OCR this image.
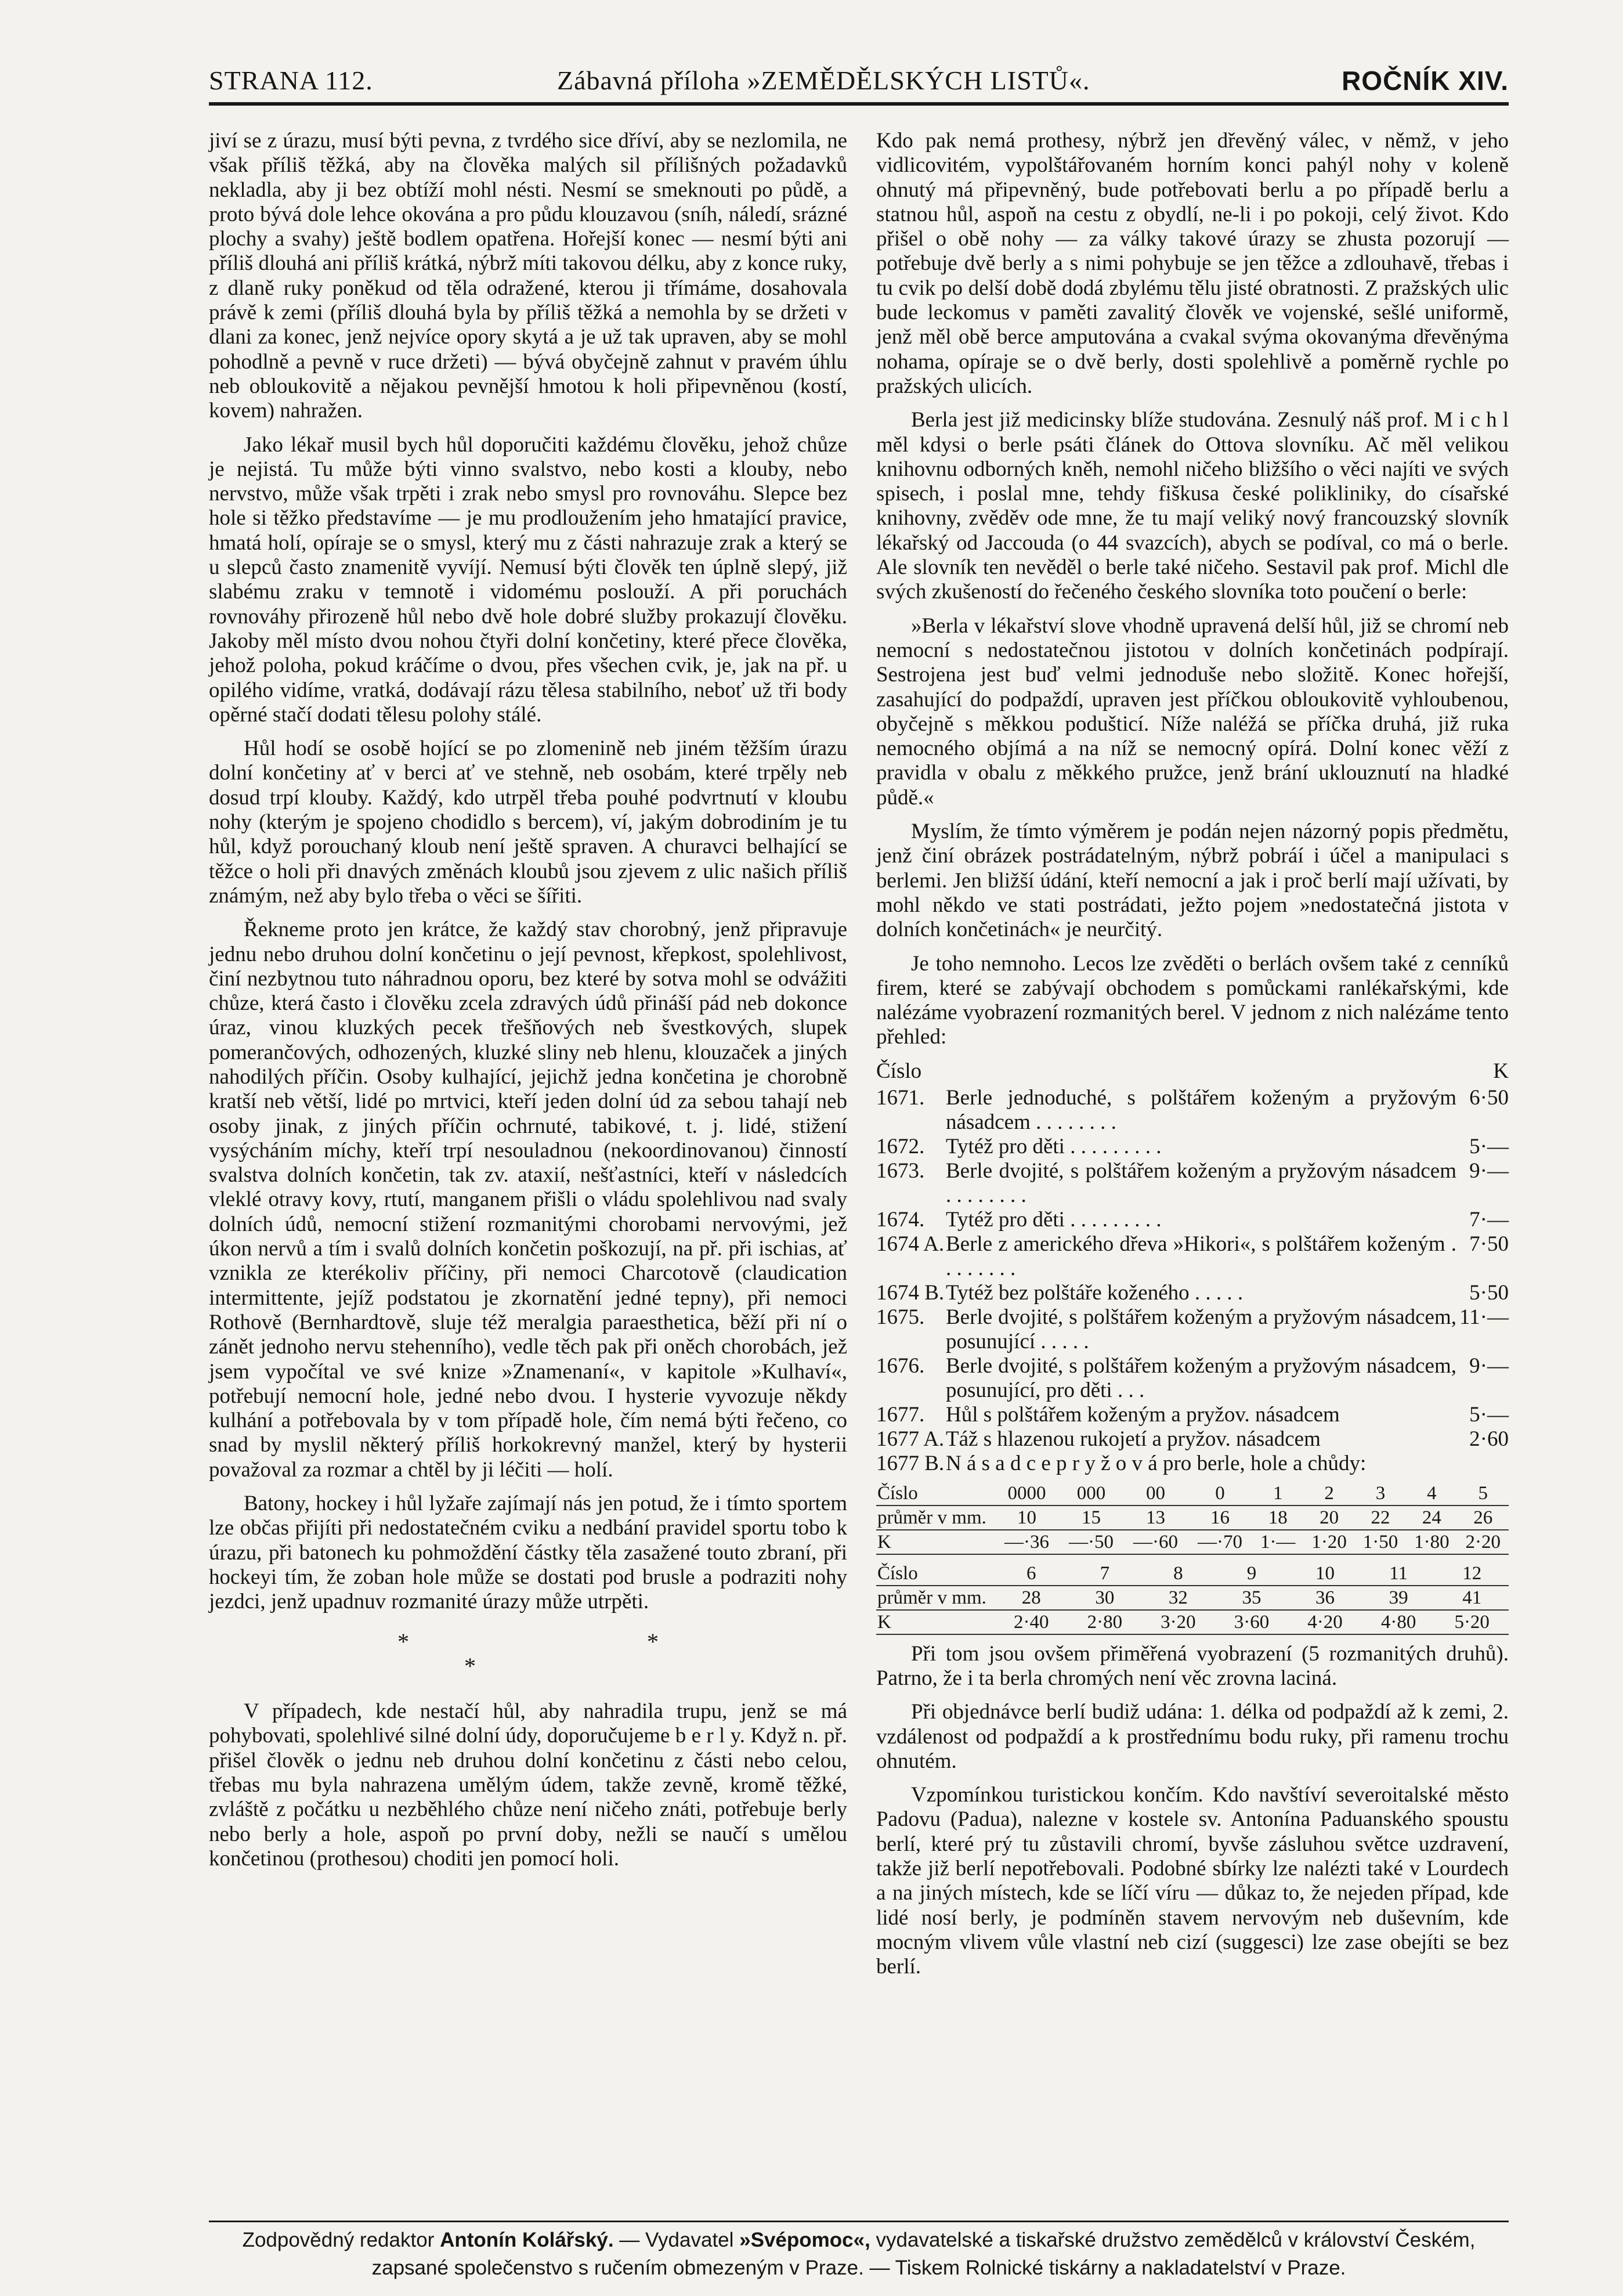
STRANA 112.	Zábavná příloha »ZEMĚDĚLSKÝCH LISTŮ«.	ROČNÍK XIV.

jiví se z úrazu, musí býti pevna, z tvrdého sice dříví, aby se nezlomila, ne však příliš těžká, aby na člověka malých sil přílišných požadavků nekladla, aby ji bez obtíží mohl nésti. Nesmí se smeknouti po půdě, a proto bývá dole lehce okována a pro půdu klouzavou (sníh, náledí, srázné plochy a svahy) ještě bodlem opatřena. Hořejší konec — nesmí býti ani příliš dlouhá ani příliš krátká, nýbrž míti takovou délku, aby z konce ruky, z dlaně ruky poněkud od těla odražené, kterou ji třímáme, dosahovala právě k zemi (příliš dlouhá byla by příliš těžká a nemohla by se držeti v dlani za konec, jenž nejvíce opory skytá a je už tak upraven, aby se mohl pohodlně a pevně v ruce držeti) — bývá obyčejně zahnut v pravém úhlu neb obloukovitě a nějakou pevnější hmotou k holi připevněnou (kostí, kovem) nahražen.

Jako lékař musil bych hůl doporučiti každému člověku, jehož chůze je nejistá. Tu může býti vinno svalstvo, nebo kosti a klouby, nebo nervstvo, může však trpěti i zrak nebo smysl pro rovnováhu. Slepce bez hole si těžko představíme — je mu prodloužením jeho hmatající pravice, hmatá holí, opíraje se o smysl, který mu z části nahrazuje zrak a který se u slepců často znamenitě vyvíjí. Nemusí býti člověk ten úplně slepý, již slabému zraku v temnotě i vidomému poslouží. A při poruchách rovnováhy přirozeně hůl nebo dvě hole dobré služby prokazují člověku. Jakoby měl místo dvou nohou čtyři dolní končetiny, které přece člověka, jehož poloha, pokud kráčíme o dvou, přes všechen cvik, je, jak na př. u opilého vidíme, vratká, dodávají rázu tělesa stabilního, neboť už tři body opěrné stačí dodati tělesu polohy stálé.

Hůl hodí se osobě hojící se po zlomenině neb jiném těžším úrazu dolní končetiny ať v berci ať ve stehně, neb osobám, které trpěly neb dosud trpí klouby. Každý, kdo utrpěl třeba pouhé podvrtnutí v kloubu nohy (kterým je spojeno chodidlo s bercem), ví, jakým dobrodiním je tu hůl, když porouchaný kloub není ještě spraven. A churavci belhající se těžce o holi při dnavých změnách kloubů jsou zjevem z ulic našich příliš známým, než aby bylo třeba o věci se šířiti.

Řekneme proto jen krátce, že každý stav chorobný, jenž připravuje jednu nebo druhou dolní končetinu o její pevnost, křepkost, spolehlivost, činí nezbytnou tuto náhradnou oporu, bez které by sotva mohl se odvážiti chůze, která často i člověku zcela zdravých údů přináší pád neb dokonce úraz, vinou kluzkých pecek třešňových neb švestkových, slupek pomerančových, odhozených, kluzké sliny neb hlenu, klouzaček a jiných nahodilých příčin. Osoby kulhající, jejichž jedna končetina je chorobně kratší neb větší, lidé po mrtvici, kteří jeden dolní úd za sebou tahají neb osoby jinak, z jiných příčin ochrnuté, tabikové, t. j. lidé, stižení vysýcháním míchy, kteří trpí nesouladnou (nekoordinovanou) činností svalstva dolních končetin, tak zv. ataxií, nešťastníci, kteří v následcích vleklé otravy kovy, rtutí, manganem přišli o vládu spolehlivou nad svaly dolních údů, nemocní stižení rozmanitými chorobami nervovými, jež úkon nervů a tím i svalů dolních končetin poškozují, na př. při ischias, ať vznikla ze kterékoliv příčiny, při nemoci Charcotově (claudication intermittente, jejíž podstatou je zkornatění jedné tepny), při nemoci Rothově (Bernhardtově, sluje též meralgia paraesthetica, běží při ní o zánět jednoho nervu stehenního), vedle těch pak při oněch chorobách, jež jsem vypočítal ve své knize »Znamenaní«, v kapitole »Kulhaví«, potřebují nemocní hole, jedné nebo dvou. I hysterie vyvozuje někdy kulhání a potřebovala by v tom případě hole, čím nemá býti řečeno, co snad by myslil některý příliš horkokrevný manžel, který by hysterii považoval za rozmar a chtěl by ji léčiti — holí.

Batony, hockey i hůl lyžaře zajímají nás jen potud, že i tímto sportem lze občas přijíti při nedostatečném cviku a nedbání pravidel sportu tobo k úrazu, při batonech ku pohmoždění částky těla zasažené touto zbraní, při hockeyi tím, že zoban hole může se dostati pod brusle a podraziti nohy jezdci, jenž upadnuv rozmanité úrazy může utrpěti.

* * *

V případech, kde nestačí hůl, aby nahradila trupu, jenž se má pohybovati, spolehlivé silné dolní údy, doporučujeme b e r l y. Když n. př. přišel člověk o jednu neb druhou dolní končetinu z části nebo celou, třebas mu byla nahrazena umělým údem, takže zevně, kromě těžké, zvláště z počátku u nezběhlého chůze není ničeho znáti, potřebuje berly nebo berly a hole, aspoň po první doby, nežli se naučí s umělou končetinou (prothesou) choditi jen pomocí holi.

Kdo pak nemá prothesy, nýbrž jen dřevěný válec, v němž, v jeho vidlicovitém, vypolštářovaném horním konci pahýl nohy v koleně ohnutý má připevněný, bude potřebovati berlu a po případě berlu a statnou hůl, aspoň na cestu z obydlí, ne-li i po pokoji, celý život. Kdo přišel o obě nohy — za války takové úrazy se zhusta pozorují — potřebuje dvě berly a s nimi pohybuje se jen těžce a zdlouhavě, třebas i tu cvik po delší době dodá zbylému tělu jisté obratnosti. Z pražských ulic bude leckomus v paměti zavalitý člověk ve vojenské, sešlé uniformě, jenž měl obě berce amputována a cvakal svýma okovanýma dřevěnýma nohama, opíraje se o dvě berly, dosti spolehlivě a poměrně rychle po pražských ulicích.

Berla jest již medicinsky blíže studována. Zesnulý náš prof. M i c h l měl kdysi o berle psáti článek do Ottova slovníku. Ač měl velikou knihovnu odborných kněh, nemohl ničeho bližšího o věci najíti ve svých spisech, i poslal mne, tehdy fiškusa české polikliniky, do císařské knihovny, zvěděv ode mne, že tu mají veliký nový francouzský slovník lékařský od Jaccouda (o 44 svazcích), abych se podíval, co má o berle. Ale slovník ten nevěděl o berle také ničeho. Sestavil pak prof. Michl dle svých zkušeností do řečeného českého slovníka toto poučení o berle:

»Berla v lékařství slove vhodně upravená delší hůl, již se chromí neb nemocní s nedostatečnou jistotou v dolních končetinách podpírají. Sestrojena jest buď velmi jednoduše nebo složitě. Konec hořejší, zasahující do podpaždí, upraven jest příčkou obloukovitě vyhloubenou, obyčejně s měkkou podušticí. Níže naléžá se příčka druhá, již ruka nemocného objímá a na níž se nemocný opírá. Dolní konec věží z pravidla v obalu z měkkého pružce, jenž brání uklouznutí na hladké půdě.«

Myslím, že tímto výměrem je podán nejen názorný popis předmětu, jenž činí obrázek postrádatelným, nýbrž pobráí i účel a manipulaci s berlemi. Jen bližší údání, kteří nemocní a jak i proč berlí mají užívati, by mohl někdo ve stati postrádati, ježto pojem »nedostatečná jistota v dolních končetinách« je neurčitý.

Je toho nemnoho. Lecos lze zvěděti o berlách ovšem také z cenníků firem, které se zabývají obchodem s pomůckami ranlékařskými, kde nalézáme vyobrazení rozmanitých berel. V jednom z nich nalézáme tento přehled:

Číslo		K
1671.	Berle jednoduché, s polštářem koženým a pryžovým násadcem . . . . . . . .	6·50
1672.	Tytéž pro děti . . . . . . . . .	5·—
1673.	Berle dvojité, s polštářem koženým a pryžovým násadcem . . . . . . . .	9·—
1674.	Tytéž pro děti . . . . . . . . .	7·—
1674 A.	Berle z amerického dřeva »Hikori«, s polštářem koženým . . . . . . . .	7·50
1674 B.	Tytéž bez polštáře koženého . . . . .	5·50
1675.	Berle dvojité, s polštářem koženým a pryžovým násadcem, posunující . . . . .	11·—
1676.	Berle dvojité, s polštářem koženým a pryžovým násadcem, posunující, pro děti . . .	9·—
1677.	Hůl s polštářem koženým a pryžov. násadcem	5·—
1677 A.	Táž s hlazenou rukojetí a pryžov. násadcem	2·60
1677 B.	N á s a d c e p r y ž o v á pro berle, hole a chůdy:	
Číslo	0000	000	00	0	1	2	3	4	5
průměr v mm.	10	15	13	16	18	20	22	24	26
K	—·36	—·50	—·60	—·70	1·—	1·20	1·50	1·80	2·20
Číslo	6	7	8	9	10	11	12
průměr v mm.	28	30	32	35	36	39	41
K	2·40	2·80	3·20	3·60	4·20	4·80	5·20

Při tom jsou ovšem přiměřená vyobrazení (5 rozmanitých druhů). Patrno, že i ta berla chromých není věc zrovna laciná.

Při objednávce berlí budiž udána: 1. délka od podpaždí až k zemi, 2. vzdálenost od podpaždí a k prostřednímu bodu ruky, při ramenu trochu ohnutém.

Vzpomínkou turistickou končím. Kdo navštíví severoitalské město Padovu (Padua), nalezne v kostele sv. Antonína Paduanského spoustu berlí, které prý tu zůstavili chromí, byvše zásluhou světce uzdravení, takže již berlí nepotřebovali. Podobné sbírky lze nalézti také v Lourdech a na jiných místech, kde se líčí víru — důkaz to, že nejeden případ, kde lidé nosí berly, je podmíněn stavem nervovým neb duševním, kde mocným vlivem vůle vlastní neb cizí (suggesci) lze zase obejíti se bez berlí.

Zodpovědný redaktor Antonín Kolářský. — Vydavatel »Svépomoc«, vydavatelské a tiskařské družstvo zemědělců v království Českém,
zapsané společenstvo s ručením obmezeným v Praze. — Tiskem Rolnické tiskárny a nakladatelství v Praze.
